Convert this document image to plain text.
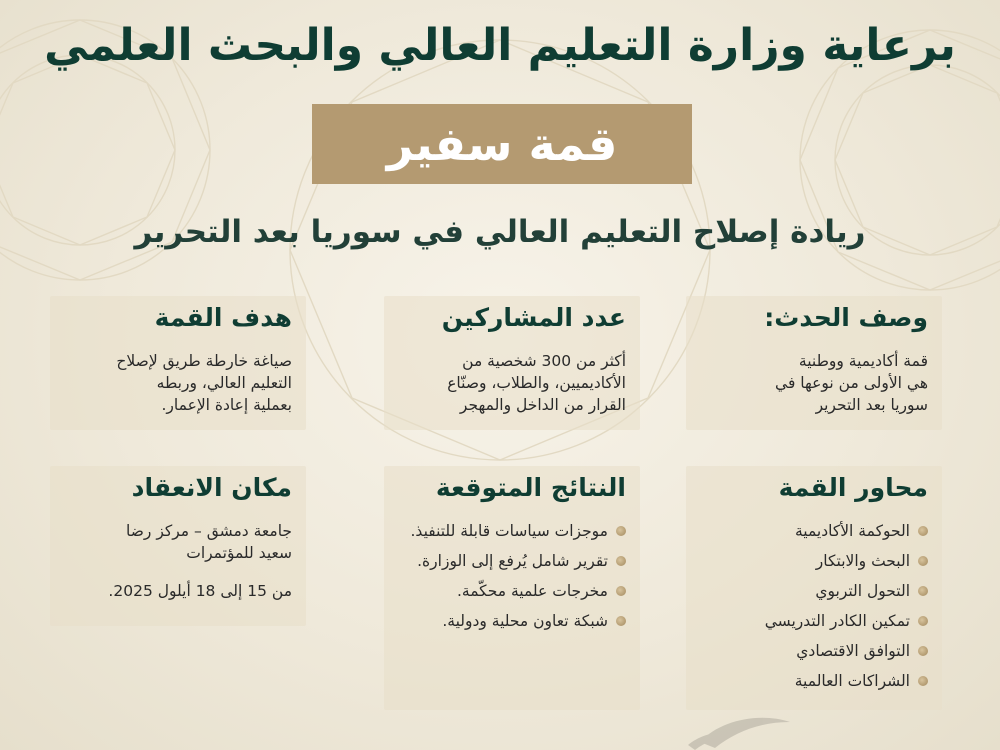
برعاية وزارة التعليم العالي والبحث العلمي
قمة سفير
ريادة إصلاح التعليم العالي في سوريا بعد التحرير
وصف الحدث:

قمة أكاديمية ووطنية

هي الأولى من نوعها في

سوريا بعد التحرير

عدد المشاركين

أكثر من 300 شخصية من

الأكاديميين، والطلاب، وصنّاع

القرار من الداخل والمهجر

هدف القمة

صياغة خارطة طريق لإصلاح

التعليم العالي، وربطه

بعملية إعادة الإعمار.

محاور القمة
الحوكمة الأكاديمية
البحث والابتكار
التحول التربوي
تمكين الكادر التدريسي
التوافق الاقتصادي
الشراكات العالمية
النتائج المتوقعة
موجزات سياسات قابلة للتنفيذ.
تقرير شامل يُرفع إلى الوزارة.
مخرجات علمية محكّمة.
شبكة تعاون محلية ودولية.
مكان الانعقاد

جامعة دمشق – مركز رضا

سعيد للمؤتمرات

من 15 إلى 18 أيلول 2025.
